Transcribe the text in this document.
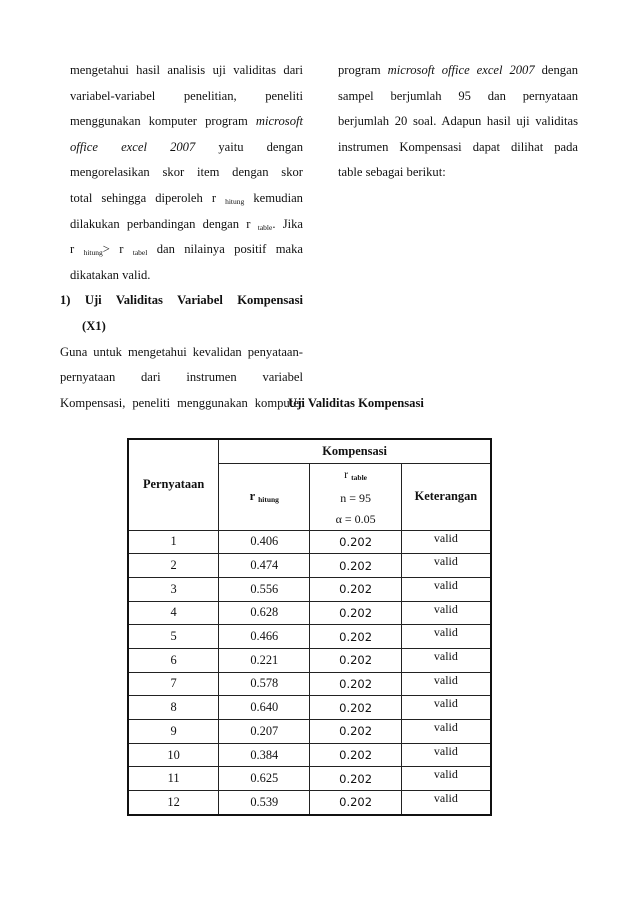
mengetahui hasil analisis uji validitas dari
variabel-variabel penelitian, peneliti
menggunakan komputer program microsoft
office excel 2007 yaitu dengan
mengorelasikan skor item dengan skor
total sehingga diperoleh r $_{hitung}$ kemudian
dilakukan perbandingan dengan r $_{table}$. Jika
r $_{hitung}$> r $_{tabel}$ dan nilainya positif maka
dikatakan valid.
1) Uji Validitas Variabel Kompensasi
(X1)
Guna untuk mengetahui kevalidan penyataan-
pernyataan dari instrumen variabel
Kompensasi, peneliti menggunakan komputer
program microsoft office excel 2007 dengan
sampel berjumlah 95 dan pernyataan
berjumlah 20 soal. Adapun hasil uji validitas
instrumen Kompensasi dapat dilihat pada
table sebagai berikut:
Uji Validitas Kompensasi
Pernyataan	Kompensasi		
	r $_{hitung}$	r $_{table}$
n = 95
α = 0.05	Keterangan
1	0.406	0.202	valid
2	0.474	0.202	valid
3	0.556	0.202	valid
4	0.628	0.202	valid
5	0.466	0.202	valid
6	0.221	0.202	valid
7	0.578	0.202	valid
8	0.640	0.202	valid
9	0.207	0.202	valid
10	0.384	0.202	valid
11	0.625	0.202	valid
12	0.539	0.202	valid
